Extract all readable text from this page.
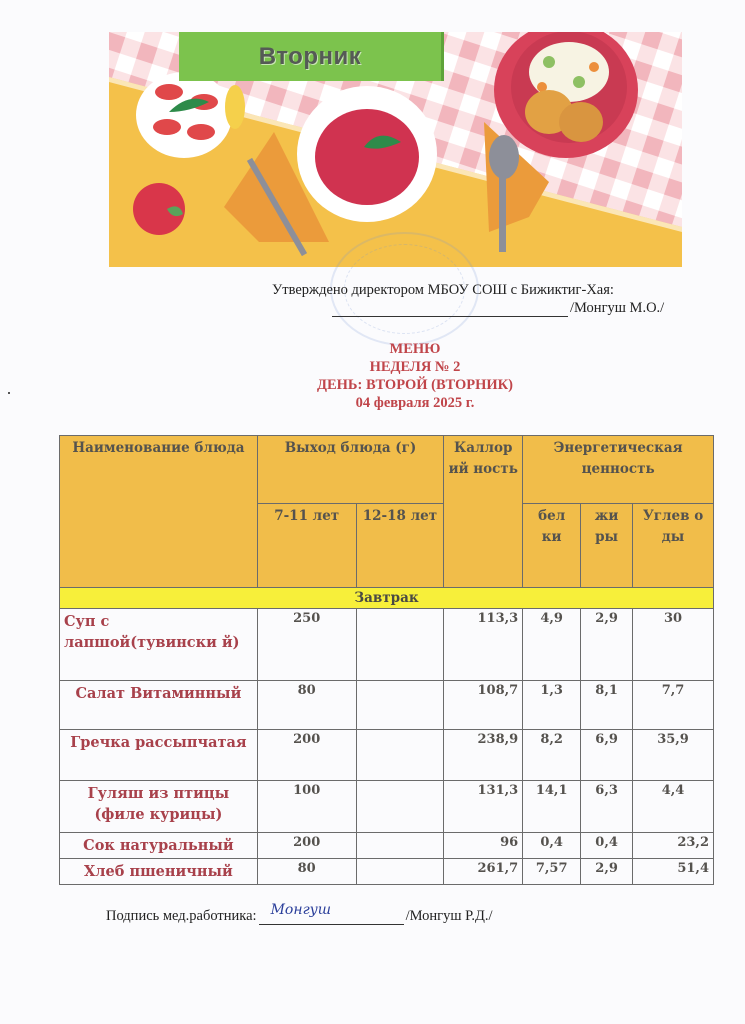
Вторник
Утверждено директором МБОУ СОШ с Бижиктиг-Хая:
/Монгуш М.О./
МЕНЮ
НЕДЕЛЯ № 2
ДЕНЬ: ВТОРОЙ (ВТОРНИК)
04 февраля 2025 г.
Наименование блюда	Выход блюда (г)		Каллор ий ность	Энергетическая ценность		
	7-11 лет	12-18 лет		бел ки	жи ры	Углев о ды
Завтрак						
Суп с лапшой(тувински й)	250		113,3	4,9	2,9	30
Салат Витаминный	80		108,7	1,3	8,1	7,7
Гречка рассыпчатая	200		238,9	8,2	6,9	35,9
Гуляш из птицы (филе курицы)	100		131,3	14,1	6,3	4,4
Сок натуральный	200		96	0,4	0,4	23,2
Хлеб пшеничный	80		261,7	7,57	2,9	51,4
Подпись мед.работника: Монгуш	/Монгуш Р.Д./
